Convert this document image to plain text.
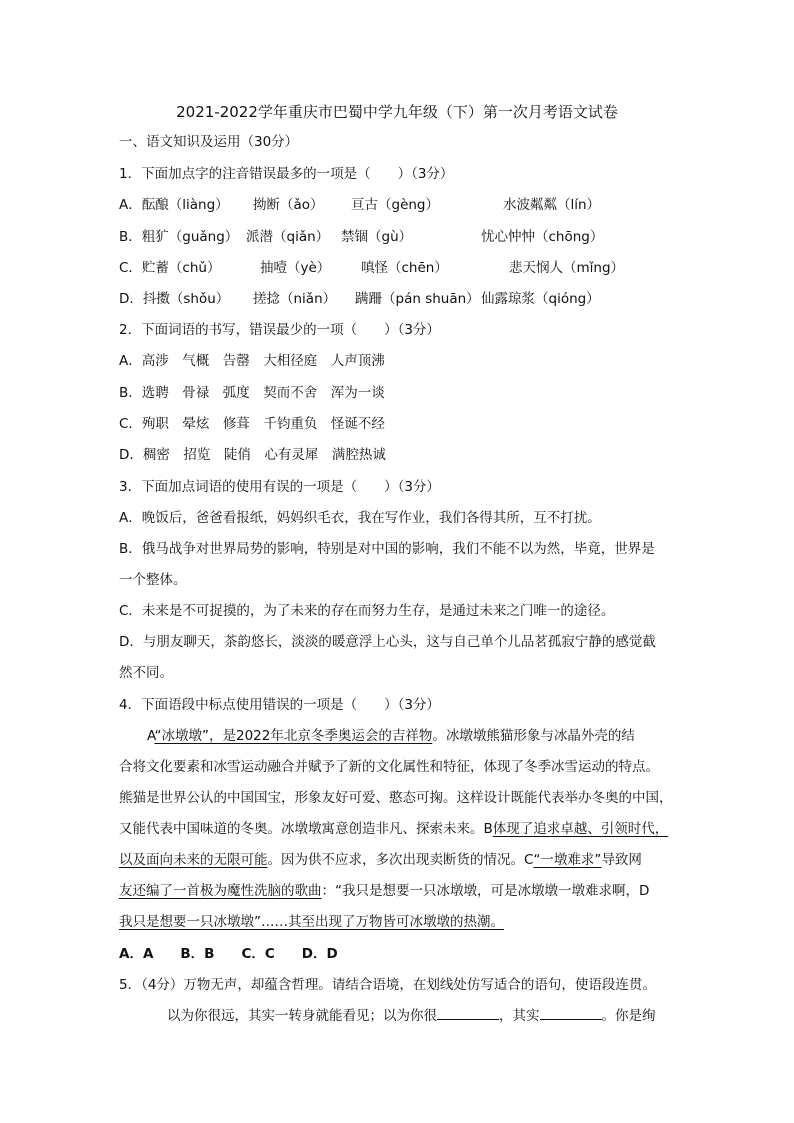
2021-2022学年重庆市巴蜀中学九年级（下）第一次月考语文试卷
一、语文知识及运用（30分）
1．下面加点字的注音错误最多的一项是（　　）（3分）
A．酝酿（liàng） 拗断（ǎo） 亘古（gèng）	水波粼粼（lín）
B．粗犷（guǎng） 派潜（qiǎn） 禁锢（gù）	忧心忡忡（chōng）
C．贮蓄（chǔ）	抽噎（yè） 嗔怪（chēn）	悲天悯人（mǐng）
D．抖擞（shǒu） 搓捻（niǎn） 蹒跚（pán shuān） 仙露琼浆（qióng）
2．下面词语的书写，错误最少的一项（　　）（3分）
A．高涉　气概　告罄　大相径庭　人声顶沸
B．选聘　骨禄　弧度　契而不舍　浑为一谈
C．殉职　晕炫　修葺　千钧重负　怪诞不经
D．稠密　招览　陡俏　心有灵犀　满腔热诚
3．下面加点词语的使用有误的一项是（　　）（3分）
A．晚饭后，爸爸看报纸，妈妈织毛衣，我在写作业，我们各得其所，互不打扰。
B．俄马战争对世界局势的影响，特别是对中国的影响，我们不能不以为然，毕竟，世界是
一个整体。
C．未来是不可捉摸的，为了未来的存在而努力生存，是通过未来之门唯一的途径。
D．与朋友聊天，茶韵悠长，淡淡的暖意浮上心头，这与自己单个儿品茗孤寂宁静的感觉截
然不同。
4．下面语段中标点使用错误的一项是（　　）（3分）
A“冰墩墩”，是2022年北京冬季奥运会的吉祥物。冰墩墩熊猫形象与冰晶外壳的结
合将文化要素和冰雪运动融合并赋予了新的文化属性和特征，体现了冬季冰雪运动的特点。
熊猫是世界公认的中国国宝，形象友好可爱、憨态可掬。这样设计既能代表举办冬奥的中国，
又能代表中国味道的冬奥。冰墩墩寓意创造非凡、探索未来。B体现了追求卓越、引领时代，
以及面向未来的无限可能。因为供不应求，多次出现卖断货的情况。C“一墩难求”导致网
友还编了一首极为魔性洗脑的歌曲：“我只是想要一只冰墩墩，可是冰墩墩一墩难求啊，D
我只是想要一只冰墩墩”……其至出现了万物皆可冰墩墩的热潮。
A．A　　B．B　　C．C　　D．D
5．（4分）万物无声，却蕴含哲理。请结合语境，在划线处仿写适合的语句，使语段连贯。
以为你很远，其实一转身就能看见；以为你很	，其实	。你是绚
